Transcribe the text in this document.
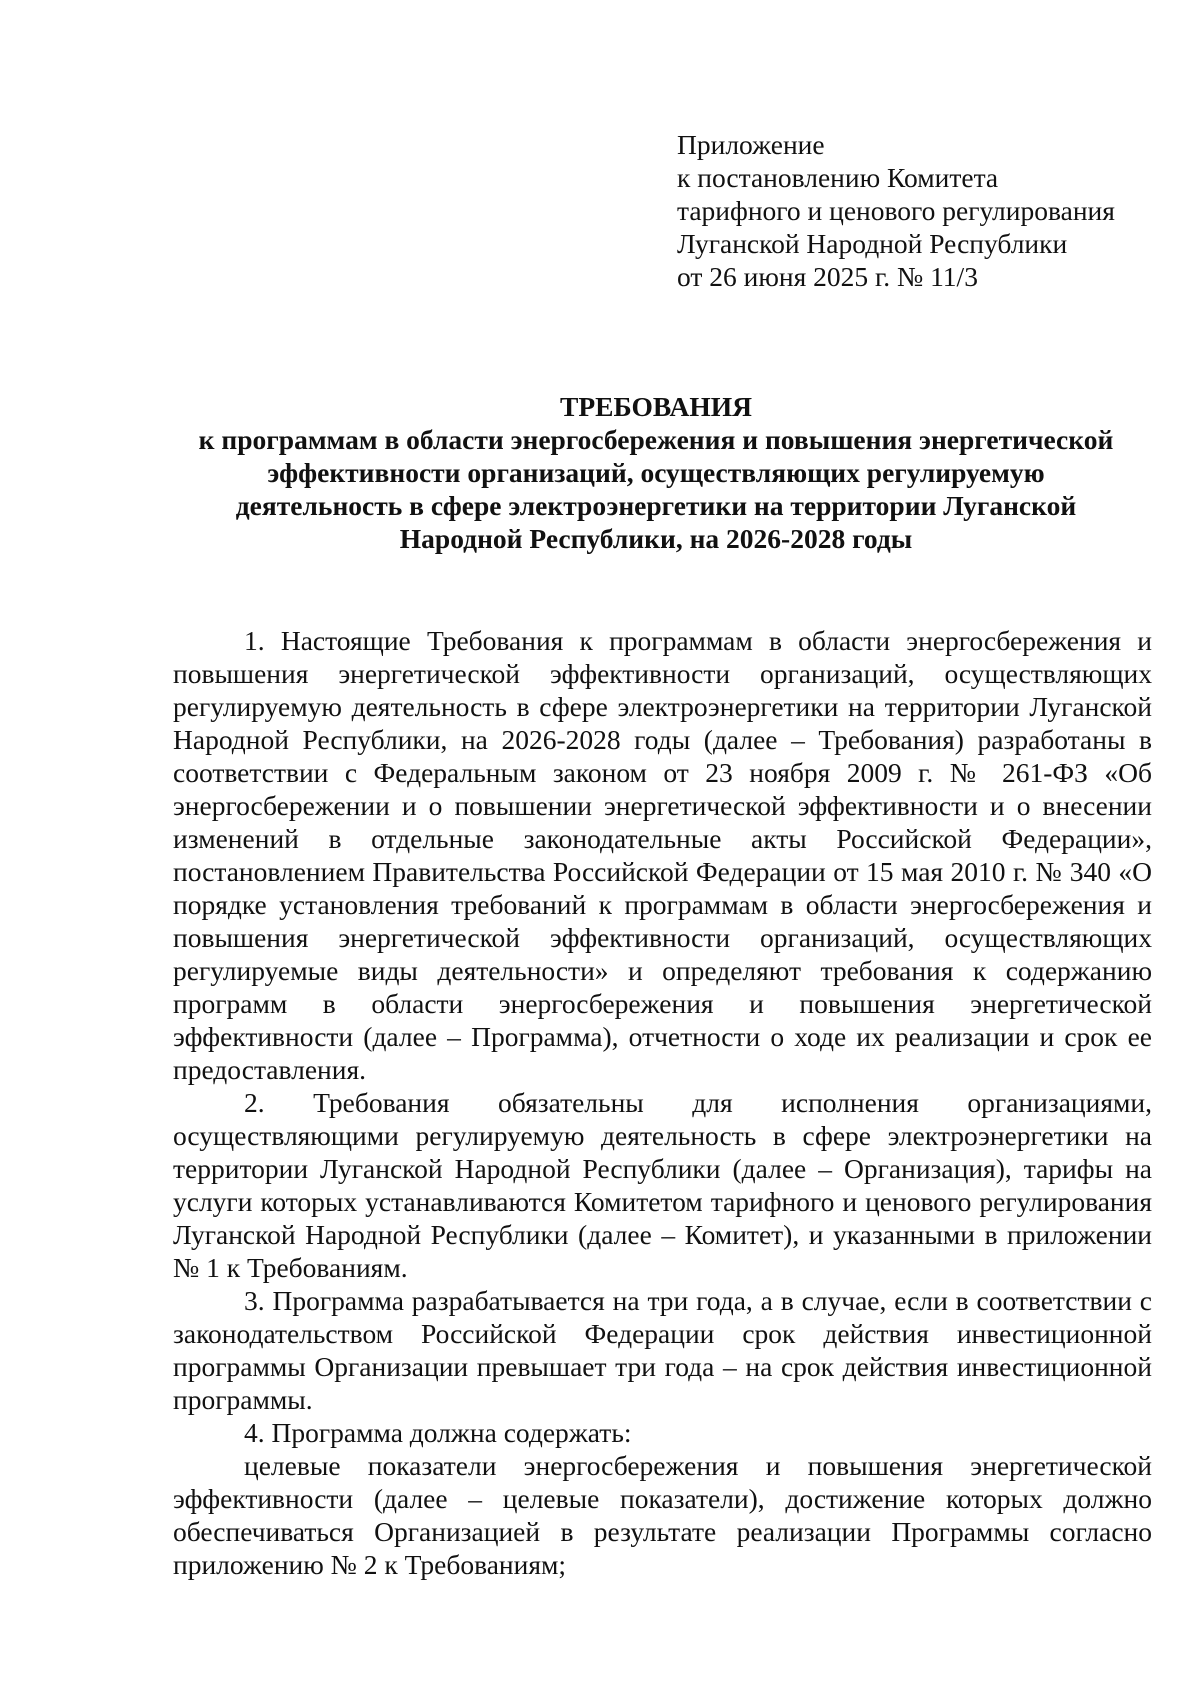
Приложение
к постановлению Комитета
тарифного и ценового регулирования
Луганской Народной Республики
от 26 июня 2025 г. № 11/3
ТРЕБОВАНИЯ
к программам в области энергосбережения и повышения энергетической
эффективности организаций, осуществляющих регулируемую
деятельность в сфере электроэнергетики на территории Луганской
Народной Республики, на 2026-2028 годы

1. Настоящие Требования к программам в области энергосбережения и повышения энергетической эффективности организаций, осуществляющих регулируемую деятельность в сфере электроэнергетики на территории Луганской Народной Республики, на 2026-2028 годы (далее – Требования) разработаны в соответствии с Федеральным законом от 23 ноября 2009 г. № 261-ФЗ «Об энергосбережении и о повышении энергетической эффективности и о внесении изменений в отдельные законодательные акты Российской Федерации», постановлением Правительства Российской Федерации от 15 мая 2010 г. № 340 «О порядке установления требований к программам в области энергосбережения и повышения энергетической эффективности организаций, осуществляющих регулируемые виды деятельности» и определяют требования к содержанию программ в области энергосбережения и повышения энергетической эффективности (далее – Программа), отчетности о ходе их реализации и срок ее предоставления.

2. Требования обязательны для исполнения организациями, осуществляющими регулируемую деятельность в сфере электроэнергетики на территории Луганской Народной Республики (далее – Организация), тарифы на услуги которых устанавливаются Комитетом тарифного и ценового регулирования Луганской Народной Республики (далее – Комитет), и указанными в приложении № 1 к Требованиям.

3. Программа разрабатывается на три года, а в случае, если в соответствии с законодательством Российской Федерации срок действия инвестиционной программы Организации превышает три года – на срок действия инвестиционной программы.

4. Программа должна содержать:

целевые показатели энергосбережения и повышения энергетической эффективности (далее – целевые показатели), достижение которых должно обеспечиваться Организацией в результате реализации Программы согласно приложению № 2 к Требованиям;
